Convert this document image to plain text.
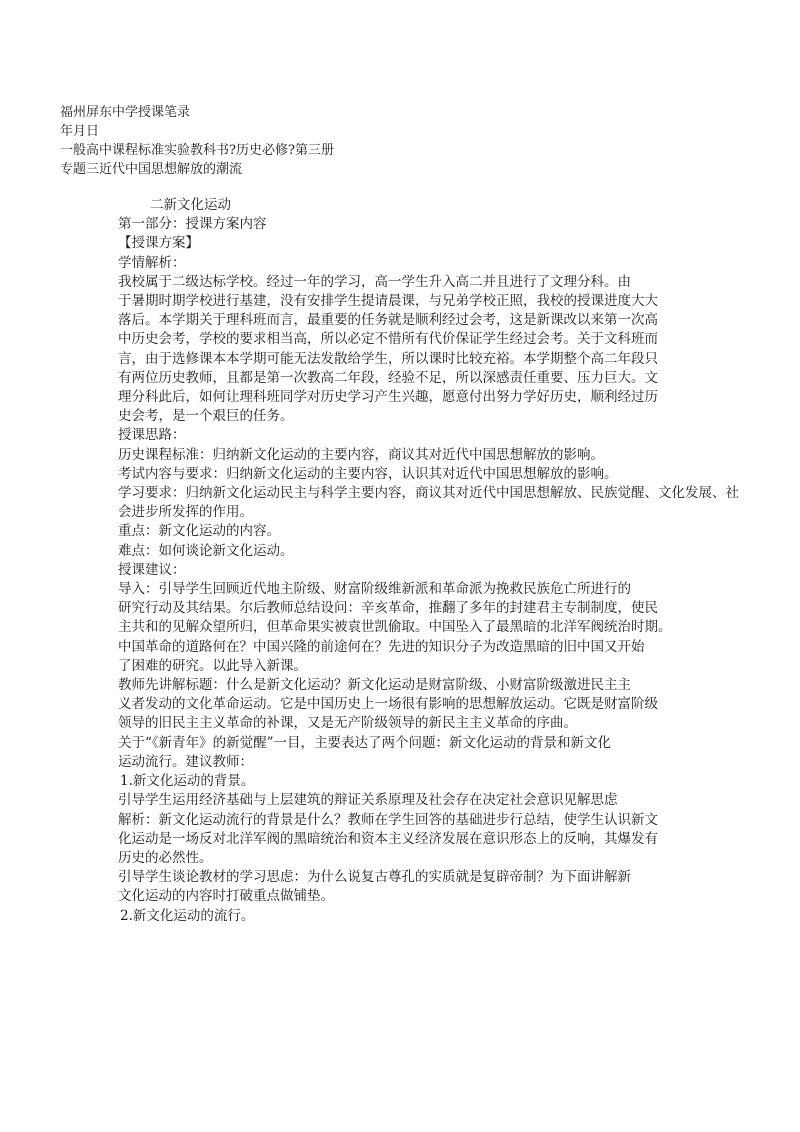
福州屏东中学授课笔录
年月日
一般高中课程标准实验教科书?历史必修?第三册
专题三近代中国思想解放的潮流
二新文化运动
第一部分：授课方案内容
【授课方案】
学情解析：
我校属于二级达标学校。经过一年的学习，高一学生升入高二并且进行了文理分科。由
于暑期时期学校进行基建，没有安排学生提请晨课，与兄弟学校正照，我校的授课进度大大
落后。本学期关于理科班而言，最重要的任务就是顺利经过会考，这是新课改以来第一次高
中历史会考，学校的要求相当高，所以必定不惜所有代价保证学生经过会考。关于文科班而
言，由于选修课本本学期可能无法发散给学生，所以课时比较充裕。本学期整个高二年段只
有两位历史教师，且都是第一次教高二年段，经验不足，所以深感责任重要、压力巨大。文
理分科此后，如何让理科班同学对历史学习产生兴趣，愿意付出努力学好历史，顺利经过历
史会考，是一个艰巨的任务。
授课思路：
历史课程标准：归纳新文化运动的主要内容，商议其对近代中国思想解放的影响。
考试内容与要求：归纳新文化运动的主要内容，认识其对近代中国思想解放的影响。
学习要求：归纳新文化运动民主与科学主要内容，商议其对近代中国思想解放、民族觉醒、文化发展、社
会进步所发挥的作用。
重点：新文化运动的内容。
难点：如何谈论新文化运动。
授课建议：
导入：引导学生回顾近代地主阶级、财富阶级维新派和革命派为挽救民族危亡所进行的
研究行动及其结果。尔后教师总结设问：辛亥革命，推翻了多年的封建君主专制制度，使民
主共和的见解众望所归，但革命果实被袁世凯偷取。中国坠入了最黑暗的北洋军阀统治时期。
中国革命的道路何在？中国兴隆的前途何在？先进的知识分子为改造黑暗的旧中国又开始
了困难的研究。以此导入新课。
教师先讲解标题：什么是新文化运动？新文化运动是财富阶级、小财富阶级激进民主主
义者发动的文化革命运动。它是中国历史上一场很有影响的思想解放运动。它既是财富阶级
领导的旧民主主义革命的补课，又是无产阶级领导的新民主主义革命的序曲。
关于“《新青年》的新觉醒”一目，主要表达了两个问题：新文化运动的背景和新文化
运动流行。建议教师：
1.新文化运动的背景。
引导学生运用经济基础与上层建筑的辩证关系原理及社会存在决定社会意识见解思虑
解析：新文化运动流行的背景是什么？教师在学生回答的基础进步行总结，使学生认识新文
化运动是一场反对北洋军阀的黑暗统治和资本主义经济发展在意识形态上的反响，其爆发有
历史的必然性。
引导学生谈论教材的学习思虑：为什么说复古尊孔的实质就是复辟帝制？为下面讲解新
文化运动的内容时打破重点做铺垫。
2.新文化运动的流行。
